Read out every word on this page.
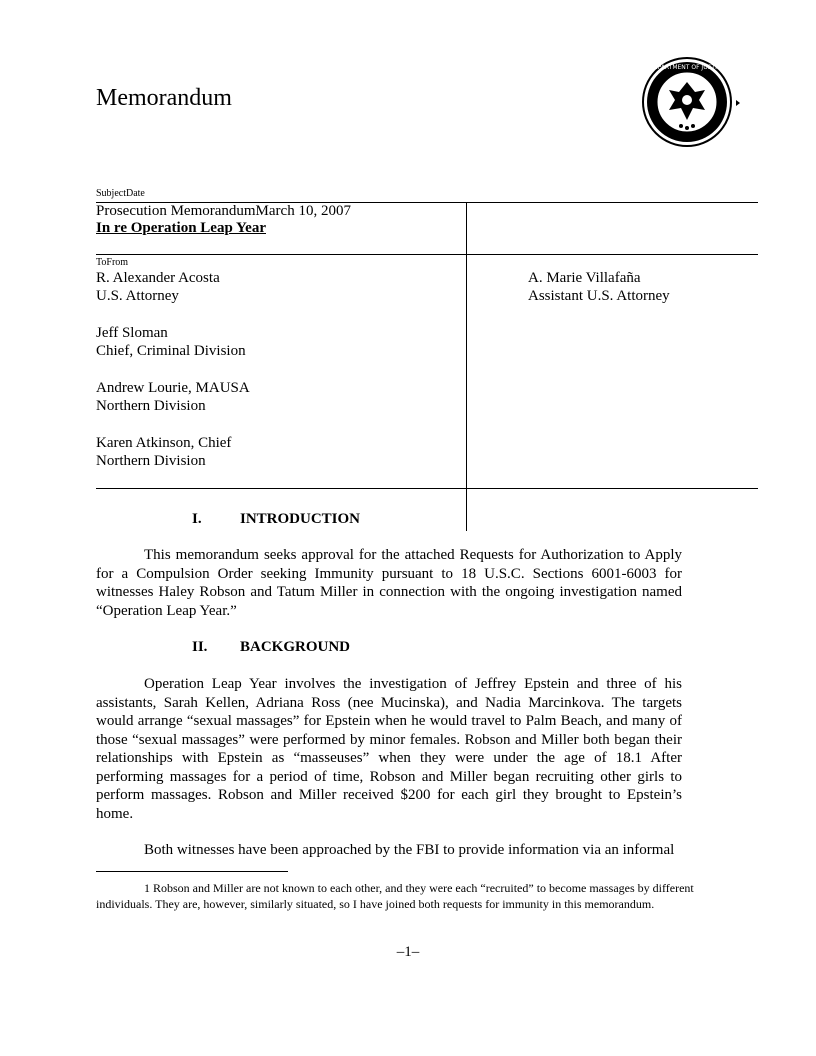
Memorandum
DEPARTMENT OF JUSTICE
SubjectDate
Prosecution MemorandumMarch 10, 2007
In re Operation Leap Year
ToFrom
R. Alexander Acosta
U.S. Attorney
Jeff Sloman
Chief, Criminal Division
Andrew Lourie, MAUSA
Northern Division
Karen Atkinson, Chief
Northern Division
A. Marie Villafaña
Assistant U.S. Attorney
I.	INTRODUCTION

This memorandum seeks approval for the attached Requests for Authorization to Apply for a Compulsion Order seeking Immunity pursuant to 18 U.S.C. Sections 6001-6003 for witnesses Haley Robson and Tatum Miller in connection with the ongoing investigation named “Operation Leap Year.”

II. BACKGROUND

Operation Leap Year involves the investigation of Jeffrey Epstein and three of his assistants, Sarah Kellen, Adriana Ross (nee Mucinska), and Nadia Marcinkova. The targets would arrange “sexual massages” for Epstein when he would travel to Palm Beach, and many of those “sexual massages” were performed by minor females. Robson and Miller both began their relationships with Epstein as “masseuses” when they were under the age of 18.1 After performing massages for a period of time, Robson and Miller began recruiting other girls to perform massages. Robson and Miller received $200 for each girl they brought to Epstein’s home.

Both witnesses have been approached by the FBI to provide information via an informal

1 Robson and Miller are not known to each other, and they were each “recruited” to become massages by different individuals. They are, however, similarly situated, so I have joined both requests for immunity in this memorandum.

–1–
